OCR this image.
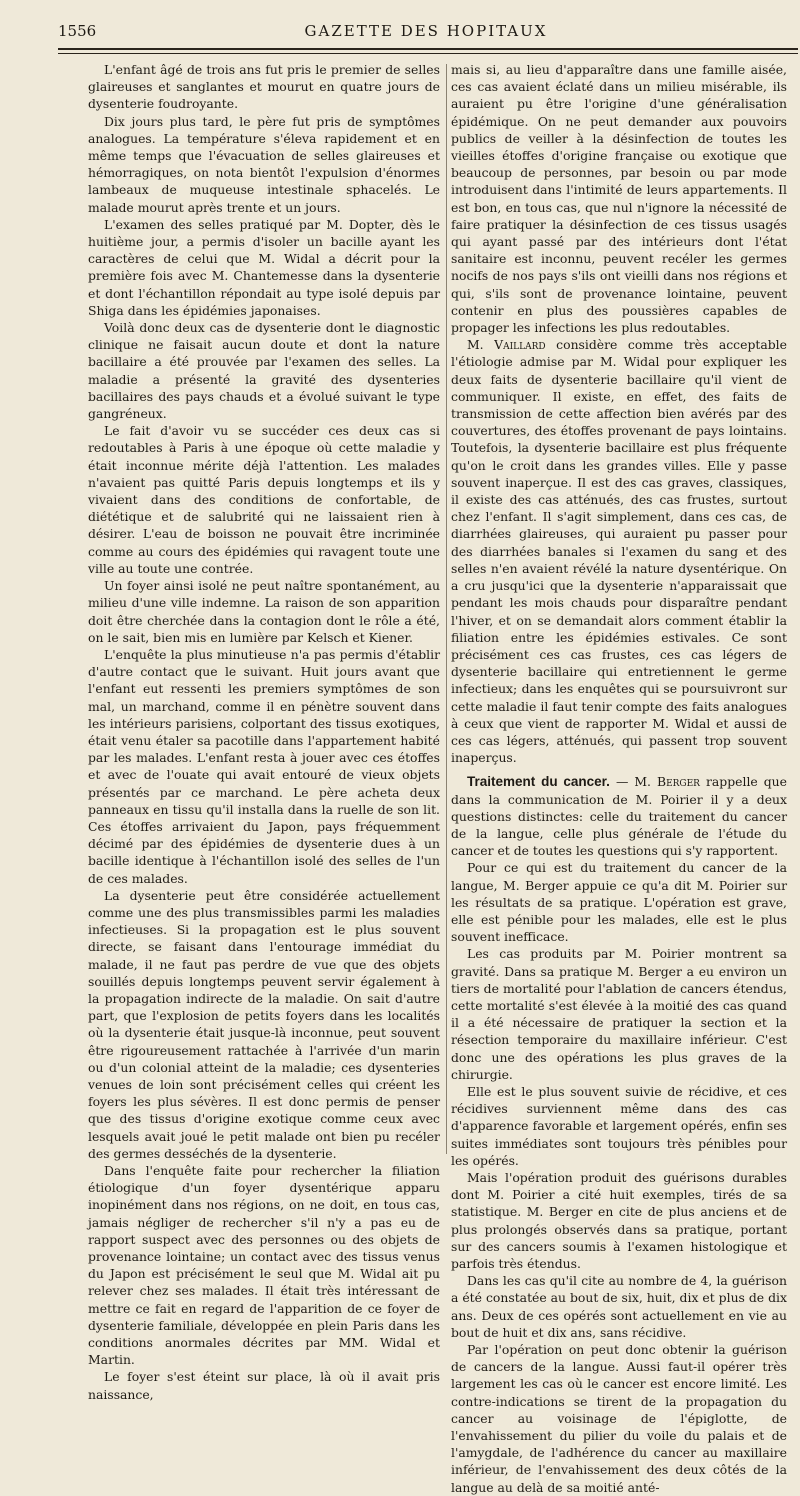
1556	GAZETTE DES HOPITAUX

L'enfant âgé de trois ans fut pris le premier de selles glaireuses et sanglantes et mourut en quatre jours de dysenterie foudroyante.

Dix jours plus tard, le père fut pris de symptômes analogues. La température s'éleva rapidement et en même temps que l'évacuation de selles glaireuses et hémorragiques, on nota bientôt l'expulsion d'énormes lambeaux de muqueuse intestinale sphacelés. Le malade mourut après trente et un jours.

L'examen des selles pratiqué par M. Dopter, dès le huitième jour, a permis d'isoler un bacille ayant les caractères de celui que M. Widal a décrit pour la première fois avec M. Chantemesse dans la dysenterie et dont l'échantillon répondait au type isolé depuis par Shiga dans les épidémies japonaises.

Voilà donc deux cas de dysenterie dont le diagnostic clinique ne faisait aucun doute et dont la nature bacillaire a été prouvée par l'examen des selles. La maladie a présenté la gravité des dysenteries bacillaires des pays chauds et a évolué suivant le type gangréneux.

Le fait d'avoir vu se succéder ces deux cas si redoutables à Paris à une époque où cette maladie y était inconnue mérite déjà l'attention. Les malades n'avaient pas quitté Paris depuis longtemps et ils y vivaient dans des conditions de confortable, de diététique et de salubrité qui ne laissaient rien à désirer. L'eau de boisson ne pouvait être incriminée comme au cours des épidémies qui ravagent toute une ville au toute une contrée.

Un foyer ainsi isolé ne peut naître spontanément, au milieu d'une ville indemne. La raison de son apparition doit être cherchée dans la contagion dont le rôle a été, on le sait, bien mis en lumière par Kelsch et Kiener.

L'enquête la plus minutieuse n'a pas permis d'établir d'autre contact que le suivant. Huit jours avant que l'enfant eut ressenti les premiers symptômes de son mal, un marchand, comme il en pénètre souvent dans les intérieurs parisiens, colportant des tissus exotiques, était venu étaler sa pacotille dans l'appartement habité par les malades. L'enfant resta à jouer avec ces étoffes et avec de l'ouate qui avait entouré de vieux objets présentés par ce marchand. Le père acheta deux panneaux en tissu qu'il installa dans la ruelle de son lit. Ces étoffes arrivaient du Japon, pays fréquemment décimé par des épidémies de dysenterie dues à un bacille identique à l'échantillon isolé des selles de l'un de ces malades.

La dysenterie peut être considérée actuellement comme une des plus transmissibles parmi les maladies infectieuses. Si la propagation est le plus souvent directe, se faisant dans l'entourage immédiat du malade, il ne faut pas perdre de vue que des objets souillés depuis longtemps peuvent servir également à la propagation indirecte de la maladie. On sait d'autre part, que l'explosion de petits foyers dans les localités où la dysenterie était jusque-là inconnue, peut souvent être rigoureusement rattachée à l'arrivée d'un marin ou d'un colonial atteint de la maladie; ces dysenteries venues de loin sont précisément celles qui créent les foyers les plus sévères. Il est donc permis de penser que des tissus d'origine exotique comme ceux avec lesquels avait joué le petit malade ont bien pu recéler des germes desséchés de la dysenterie.

Dans l'enquête faite pour rechercher la filiation étiologique d'un foyer dysentérique apparu inopinément dans nos régions, on ne doit, en tous cas, jamais négliger de rechercher s'il n'y a pas eu de rapport suspect avec des personnes ou des objets de provenance lointaine; un contact avec des tissus venus du Japon est précisément le seul que M. Widal ait pu relever chez ses malades. Il était très intéressant de mettre ce fait en regard de l'apparition de ce foyer de dysenterie familiale, développée en plein Paris dans les conditions anormales décrites par MM. Widal et Martin.

Le foyer s'est éteint sur place, là où il avait pris naissance,

mais si, au lieu d'apparaître dans une famille aisée, ces cas avaient éclaté dans un milieu misérable, ils auraient pu être l'origine d'une généralisation épidémique. On ne peut demander aux pouvoirs publics de veiller à la désinfection de toutes les vieilles étoffes d'origine française ou exotique que beaucoup de personnes, par besoin ou par mode introduisent dans l'intimité de leurs appartements. Il est bon, en tous cas, que nul n'ignore la nécessité de faire pratiquer la désinfection de ces tissus usagés qui ayant passé par des intérieurs dont l'état sanitaire est inconnu, peuvent recéler les germes nocifs de nos pays s'ils ont vieilli dans nos régions et qui, s'ils sont de provenance lointaine, peuvent contenir en plus des poussières capables de propager les infections les plus redoutables.

M. Vaillard considère comme très acceptable l'étiologie admise par M. Widal pour expliquer les deux faits de dysenterie bacillaire qu'il vient de communiquer. Il existe, en effet, des faits de transmission de cette affection bien avérés par des couvertures, des étoffes provenant de pays lointains. Toutefois, la dysenterie bacillaire est plus fréquente qu'on le croit dans les grandes villes. Elle y passe souvent inaperçue. Il est des cas graves, classiques, il existe des cas atténués, des cas frustes, surtout chez l'enfant. Il s'agit simplement, dans ces cas, de diarrhées glaireuses, qui auraient pu passer pour des diarrhées banales si l'examen du sang et des selles n'en avaient révélé la nature dysentérique. On a cru jusqu'ici que la dysenterie n'apparaissait que pendant les mois chauds pour disparaître pendant l'hiver, et on se demandait alors comment établir la filiation entre les épidémies estivales. Ce sont précisément ces cas frustes, ces cas légers de dysenterie bacillaire qui entretiennent le germe infectieux; dans les enquêtes qui se poursuivront sur cette maladie il faut tenir compte des faits analogues à ceux que vient de rapporter M. Widal et aussi de ces cas légers, atténués, qui passent trop souvent inaperçus.

Traitement du cancer. — M. Berger rappelle que dans la communication de M. Poirier il y a deux questions distinctes: celle du traitement du cancer de la langue, celle plus générale de l'étude du cancer et de toutes les questions qui s'y rapportent.

Pour ce qui est du traitement du cancer de la langue, M. Berger appuie ce qu'a dit M. Poirier sur les résultats de sa pratique. L'opération est grave, elle est pénible pour les malades, elle est le plus souvent inefficace.

Les cas produits par M. Poirier montrent sa gravité. Dans sa pratique M. Berger a eu environ un tiers de mortalité pour l'ablation de cancers étendus, cette mortalité s'est élevée à la moitié des cas quand il a été nécessaire de pratiquer la section et la résection temporaire du maxillaire inférieur. C'est donc une des opérations les plus graves de la chirurgie.

Elle est le plus souvent suivie de récidive, et ces récidives surviennent même dans des cas d'apparence favorable et largement opérés, enfin ses suites immédiates sont toujours très pénibles pour les opérés.

Mais l'opération produit des guérisons durables dont M. Poirier a cité huit exemples, tirés de sa statistique. M. Berger en cite de plus anciens et de plus prolongés observés dans sa pratique, portant sur des cancers soumis à l'examen histologique et parfois très étendus.

Dans les cas qu'il cite au nombre de 4, la guérison a été constatée au bout de six, huit, dix et plus de dix ans. Deux de ces opérés sont actuellement en vie au bout de huit et dix ans, sans récidive.

Par l'opération on peut donc obtenir la guérison de cancers de la langue. Aussi faut-il opérer très largement les cas où le cancer est encore limité. Les contre-indications se tirent de la propagation du cancer au voisinage de l'épiglotte, de l'envahissement du pilier du voile du palais et de l'amygdale, de l'adhérence du cancer au maxillaire inférieur, de l'envahissement des deux côtés de la langue au delà de sa moitié anté-
